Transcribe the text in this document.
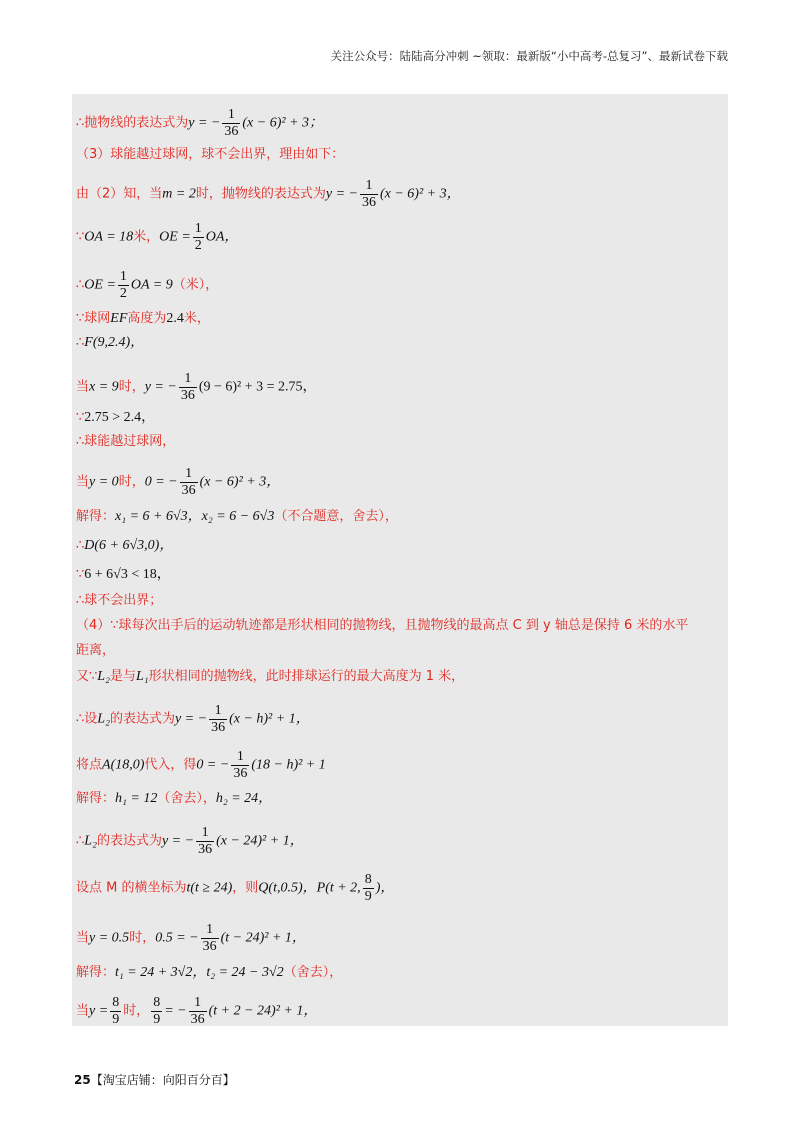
关注公众号：陆陆高分冲刺 ~领取：最新版“小中高考-总复习”、最新试卷下载
∴抛物线的表达式为y = − $\frac{1}{36} (x - 6)^2 + 3$；
（3）球能越过球网，球不会出界，理由如下：
由（2）知，当m = 2时，抛物线的表达式为y = − $\frac{1}{36} (x - 6)^2 + 3$，
∵OA = 18米，OE = $\frac{1}{2}$ OA，
∴OE = $\frac{1}{2}$ OA = 9（米），
∵球网EF高度为2.4米，
∴F(9,2.4)，
当x = 9时，y = − $\frac{1}{36} (9 - 6)^2 + 3 = 2.75$，
∵2.75 > 2.4，
∴球能越过球网，
当y = 0时，0 = − $\frac{1}{36} (x - 6)^2 + 3$，
解得：x₁ = 6 + 6√3，x₂ = 6 − 6√3（不合题意，舍去），
∴D(6 + 6√3,0)，
∵6 + 6√3 < 18，
∴球不会出界；
（4）∵球每次出手后的运动轨迹都是形状相同的抛物线，且抛物线的最高点 C 到 y 轴总是保持 6 米的水平
距离，
又∵L₂是与L₁形状相同的抛物线，此时排球运行的最大高度为 1 米，
∴设L₂的表达式为y = − $\frac{1}{36} (x - h)^2 + 1$，
将点A(18,0)代入，得0 = − $\frac{1}{36} (18 - h)^2 + 1$
解得：h₁ = 12（舍去），h₂ = 24，
∴L₂的表达式为y = − $\frac{1}{36} (x - 24)^2 + 1$，
设点 M 的横坐标为t(t ≥ 24)，则Q(t,0.5)，P(t + 2, $\frac{8}{9}$ )，
当y = 0.5时，0.5 = − $\frac{1}{36} (t - 24)^2 + 1$，
解得：t₁ = 24 + 3√2，t₂ = 24 − 3√2（舍去），
当$y = \frac{8}{9}$ 时， $\frac{8}{9}$ = − $\frac{1}{36} (t + 2 - 24)^2 + 1$，
25【淘宝店铺：向阳百分百】
